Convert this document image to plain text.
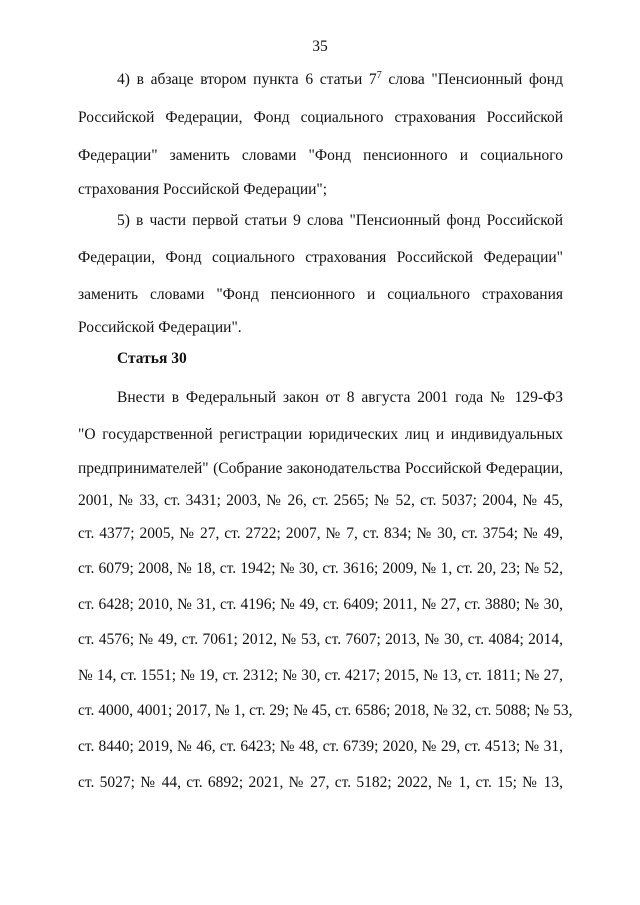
35
4) в абзаце втором пункта 6 статьи $7^7$ слова "Пенсионный фонд
Российской Федерации, Фонд социального страхования Российской
Федерации" заменить словами "Фонд пенсионного и социального
страхования Российской Федерации";
5) в части первой статьи 9 слова "Пенсионный фонд Российской
Федерации, Фонд социального страхования Российской Федерации"
заменить словами "Фонд пенсионного и социального страхования
Российской Федерации".
Статья 30
Внести в Федеральный закон от 8 августа 2001 года № 129-ФЗ
"О государственной регистрации юридических лиц и индивидуальных
предпринимателей" (Собрание законодательства Российской Федерации,
2001, № 33, ст. 3431; 2003, № 26, ст. 2565; № 52, ст. 5037; 2004, № 45,
ст. 4377; 2005, № 27, ст. 2722; 2007, № 7, ст. 834; № 30, ст. 3754; № 49,
ст. 6079; 2008, № 18, ст. 1942; № 30, ст. 3616; 2009, № 1, ст. 20, 23; № 52,
ст. 6428; 2010, № 31, ст. 4196; № 49, ст. 6409; 2011, № 27, ст. 3880; № 30,
ст. 4576; № 49, ст. 7061; 2012, № 53, ст. 7607; 2013, № 30, ст. 4084; 2014,
№ 14, ст. 1551; № 19, ст. 2312; № 30, ст. 4217; 2015, № 13, ст. 1811; № 27,
ст. 4000, 4001; 2017, № 1, ст. 29; № 45, ст. 6586; 2018, № 32, ст. 5088; № 53,
ст. 8440; 2019, № 46, ст. 6423; № 48, ст. 6739; 2020, № 29, ст. 4513; № 31,
ст. 5027; № 44, ст. 6892; 2021, № 27, ст. 5182; 2022, № 1, ст. 15; № 13,
